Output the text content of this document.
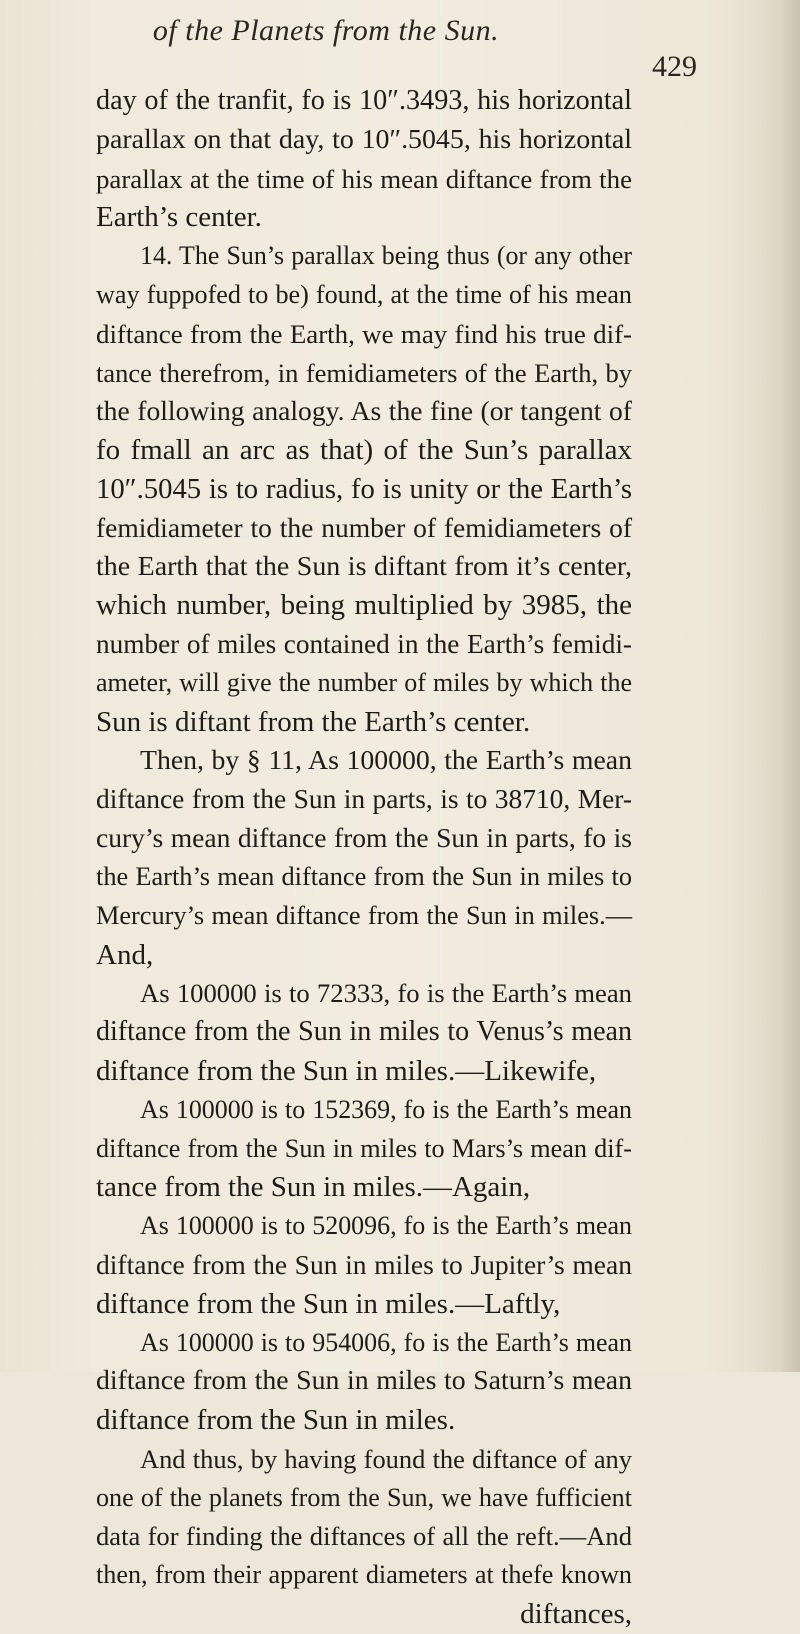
of the Planets from the Sun.
429
day of the tranfit, fo is 10″.3493, his horizontal
parallax on that day, to 10″.5045, his horizontal
parallax at the time of his mean diftance from the
Earth’s center.
14. The Sun’s parallax being thus (or any other
way fuppofed to be) found, at the time of his mean
diftance from the Earth, we may find his true dif-
tance therefrom, in femidiameters of the Earth, by
the following analogy. As the fine (or tangent of
fo fmall an arc as that) of the Sun’s parallax
10″.5045 is to radius, fo is unity or the Earth’s
femidiameter to the number of femidiameters of
the Earth that the Sun is diftant from it’s center,
which number, being multiplied by 3985, the
number of miles contained in the Earth’s femidi-
ameter, will give the number of miles by which the
Sun is diftant from the Earth’s center.
Then, by § 11, As 100000, the Earth’s mean
diftance from the Sun in parts, is to 38710, Mer-
cury’s mean diftance from the Sun in parts, fo is
the Earth’s mean diftance from the Sun in miles to
Mercury’s mean diftance from the Sun in miles.—
And,
As 100000 is to 72333, fo is the Earth’s mean
diftance from the Sun in miles to Venus’s mean
diftance from the Sun in miles.—Likewife,
As 100000 is to 152369, fo is the Earth’s mean
diftance from the Sun in miles to Mars’s mean dif-
tance from the Sun in miles.—Again,
As 100000 is to 520096, fo is the Earth’s mean
diftance from the Sun in miles to Jupiter’s mean
diftance from the Sun in miles.—Laftly,
As 100000 is to 954006, fo is the Earth’s mean
diftance from the Sun in miles to Saturn’s mean
diftance from the Sun in miles.
And thus, by having found the diftance of any
one of the planets from the Sun, we have fufficient
data for finding the diftances of all the reft.—And
then, from their apparent diameters at thefe known
diftances,
